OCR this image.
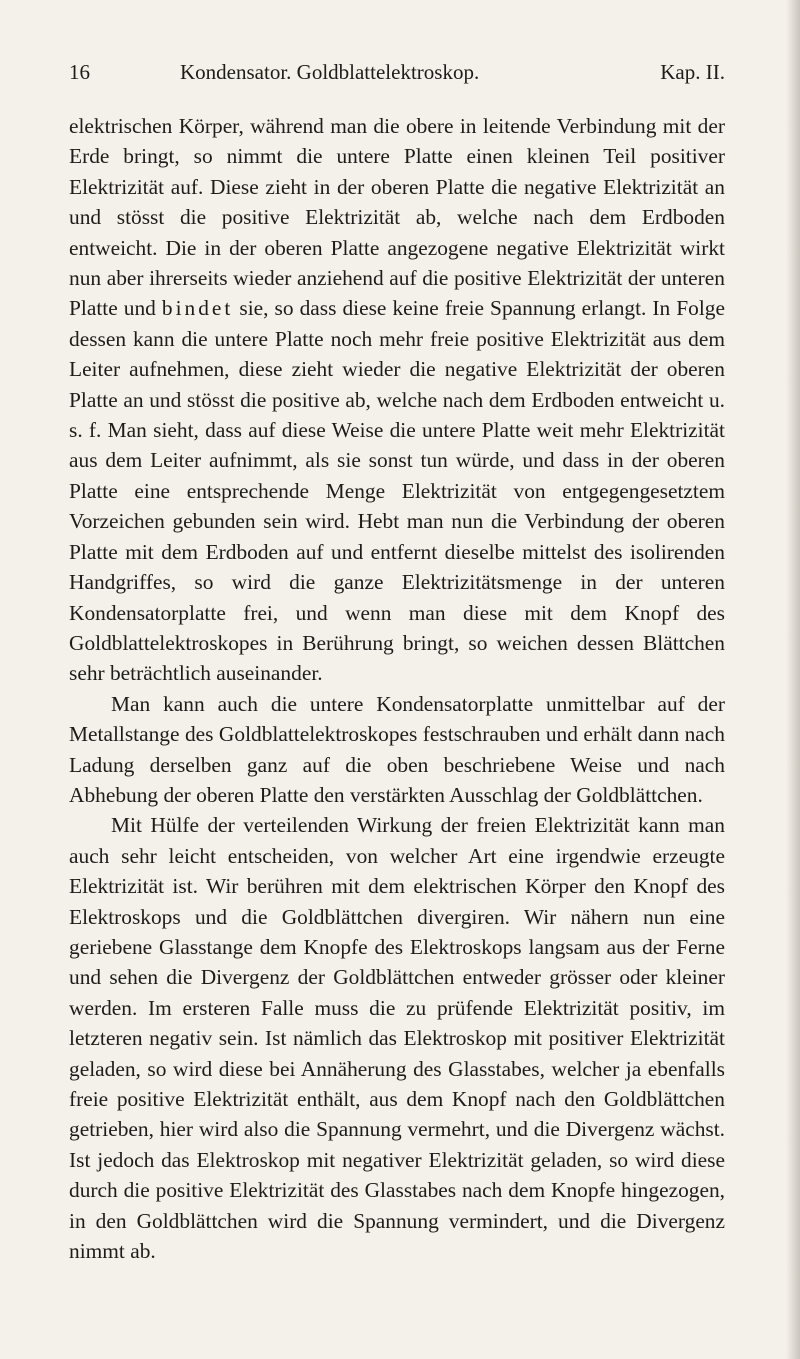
16	Kondensator. Goldblattelektroskop.	Kap. II.

elektrischen Körper, während man die obere in leitende Verbindung mit der Erde bringt, so nimmt die untere Platte einen kleinen Teil positiver Elektrizität auf. Diese zieht in der oberen Platte die negative Elektrizität an und stösst die positive Elektrizität ab, welche nach dem Erdboden entweicht. Die in der oberen Platte angezogene negative Elektrizität wirkt nun aber ihrerseits wieder anziehend auf die positive Elektrizität der unteren Platte und bindet sie, so dass diese keine freie Spannung erlangt. In Folge dessen kann die untere Platte noch mehr freie positive Elektrizität aus dem Leiter aufnehmen, diese zieht wieder die negative Elektrizität der oberen Platte an und stösst die positive ab, welche nach dem Erdboden entweicht u. s. f. Man sieht, dass auf diese Weise die untere Platte weit mehr Elektrizität aus dem Leiter aufnimmt, als sie sonst tun würde, und dass in der oberen Platte eine entsprechende Menge Elektrizität von entgegengesetztem Vorzeichen gebunden sein wird. Hebt man nun die Verbindung der oberen Platte mit dem Erdboden auf und entfernt dieselbe mittelst des isolirenden Handgriffes, so wird die ganze Elektrizitätsmenge in der unteren Kondensatorplatte frei, und wenn man diese mit dem Knopf des Goldblattelektroskopes in Berührung bringt, so weichen dessen Blättchen sehr beträchtlich auseinander.

Man kann auch die untere Kondensatorplatte unmittelbar auf der Metallstange des Goldblattelektroskopes festschrauben und erhält dann nach Ladung derselben ganz auf die oben beschriebene Weise und nach Abhebung der oberen Platte den verstärkten Ausschlag der Goldblättchen.

Mit Hülfe der verteilenden Wirkung der freien Elektrizität kann man auch sehr leicht entscheiden, von welcher Art eine irgendwie erzeugte Elektrizität ist. Wir berühren mit dem elektrischen Körper den Knopf des Elektroskops und die Goldblättchen divergiren. Wir nähern nun eine geriebene Glasstange dem Knopfe des Elektroskops langsam aus der Ferne und sehen die Divergenz der Goldblättchen entweder grösser oder kleiner werden. Im ersteren Falle muss die zu prüfende Elektrizität positiv, im letzteren negativ sein. Ist nämlich das Elektroskop mit positiver Elektrizität geladen, so wird diese bei Annäherung des Glasstabes, welcher ja ebenfalls freie positive Elektrizität enthält, aus dem Knopf nach den Goldblättchen getrieben, hier wird also die Spannung vermehrt, und die Divergenz wächst. Ist jedoch das Elektroskop mit negativer Elektrizität geladen, so wird diese durch die positive Elektrizität des Glasstabes nach dem Knopfe hingezogen, in den Goldblättchen wird die Spannung vermindert, und die Divergenz nimmt ab.
